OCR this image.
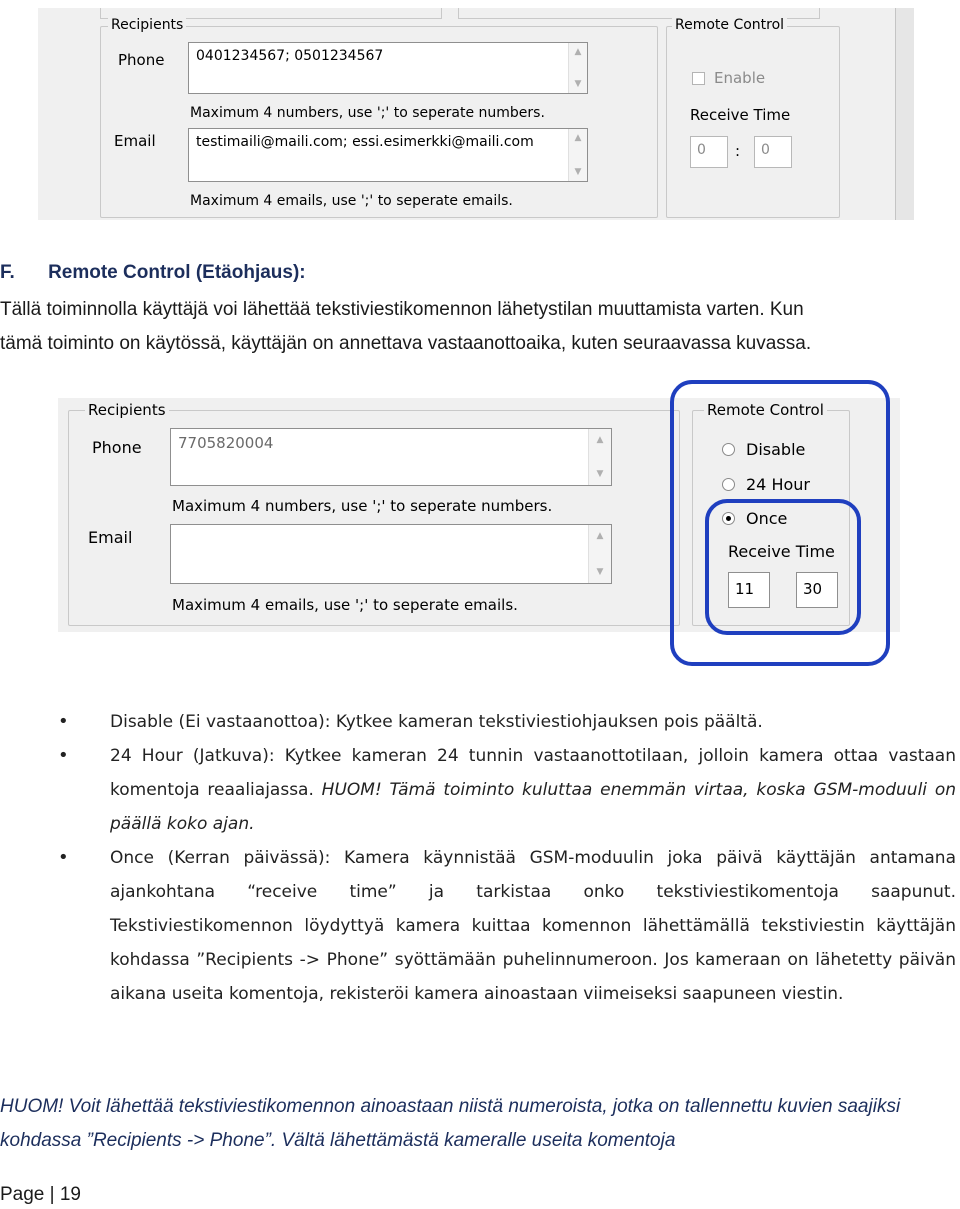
Recipients
Phone 0401234567; 0501234567	▲
▼
Maximum 4 numbers, use ';' to seperate numbers.
Email	testimaili@maili.com; essi.esimerkki@maili.com	▲
▼
Maximum 4 emails, use ';' to seperate emails.
Remote Control
Enable
Receive Time
0	:	0
F. Remote Control (Etäohjaus):
Tällä toiminnolla käyttäjä voi lähettää tekstiviestikomennon lähetystilan muuttamista varten. Kun
tämä toiminto on käytössä, käyttäjän on annettava vastaanottoaika, kuten seuraavassa kuvassa.
Recipients
Phone 7705820004	▲
▼
Maximum 4 numbers, use ';' to seperate numbers.
Email	▲
▼
Maximum 4 emails, use ';' to seperate emails.
Remote Control
Disable
24 Hour
Once
Receive Time
11	30
• Disable (Ei vastaanottoa): Kytkee kameran tekstiviestiohjauksen pois päältä.
• 24 Hour (Jatkuva): Kytkee kameran 24 tunnin vastaanottotilaan, jolloin kamera ottaa vastaan komentoja reaaliajassa. HUOM! Tämä toiminto kuluttaa enemmän virtaa, koska GSM-moduuli on päällä koko ajan.
• Once (Kerran päivässä): Kamera käynnistää GSM-moduulin joka päivä käyttäjän antamana ajankohtana “receive time” ja tarkistaa onko tekstiviestikomentoja saapunut. Tekstiviestikomennon löydyttyä kamera kuittaa komennon lähettämällä tekstiviestin käyttäjän kohdassa ”Recipients -> Phone” syöttämään puhelinnumeroon. Jos kameraan on lähetetty päivän aikana useita komentoja, rekisteröi kamera ainoastaan viimeiseksi saapuneen viestin.

HUOM! Voit lähettää tekstiviestikomennon ainoastaan niistä numeroista, jotka on tallennettu kuvien saajiksi kohdassa ”Recipients -> Phone”. Vältä lähettämästä kameralle useita komentoja

Page | 19
